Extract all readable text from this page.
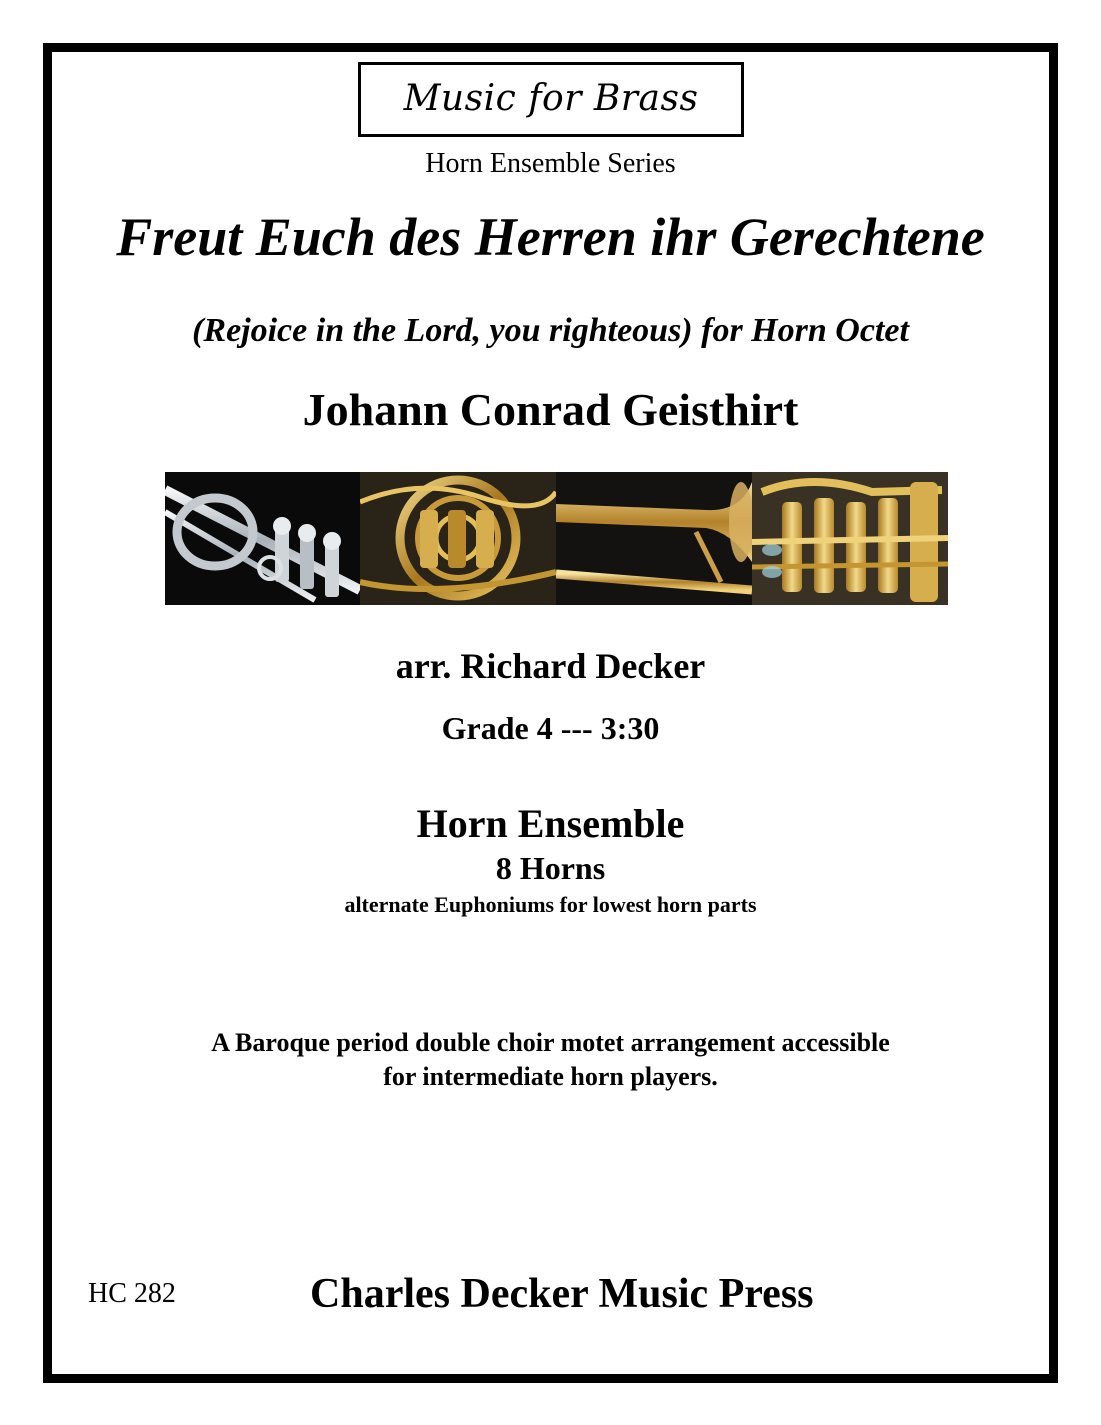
Music for Brass
Horn Ensemble Series
Freut Euch des Herren ihr Gerechtene
(Rejoice in the Lord, you righteous) for Horn Octet
Johann Conrad Geisthirt
arr. Richard Decker
Grade 4 --- 3:30
Horn Ensemble
8 Horns
alternate Euphoniums for lowest horn parts
A Baroque period double choir motet arrangement accessible
for intermediate horn players.
HC 282	Charles Decker Music Press
